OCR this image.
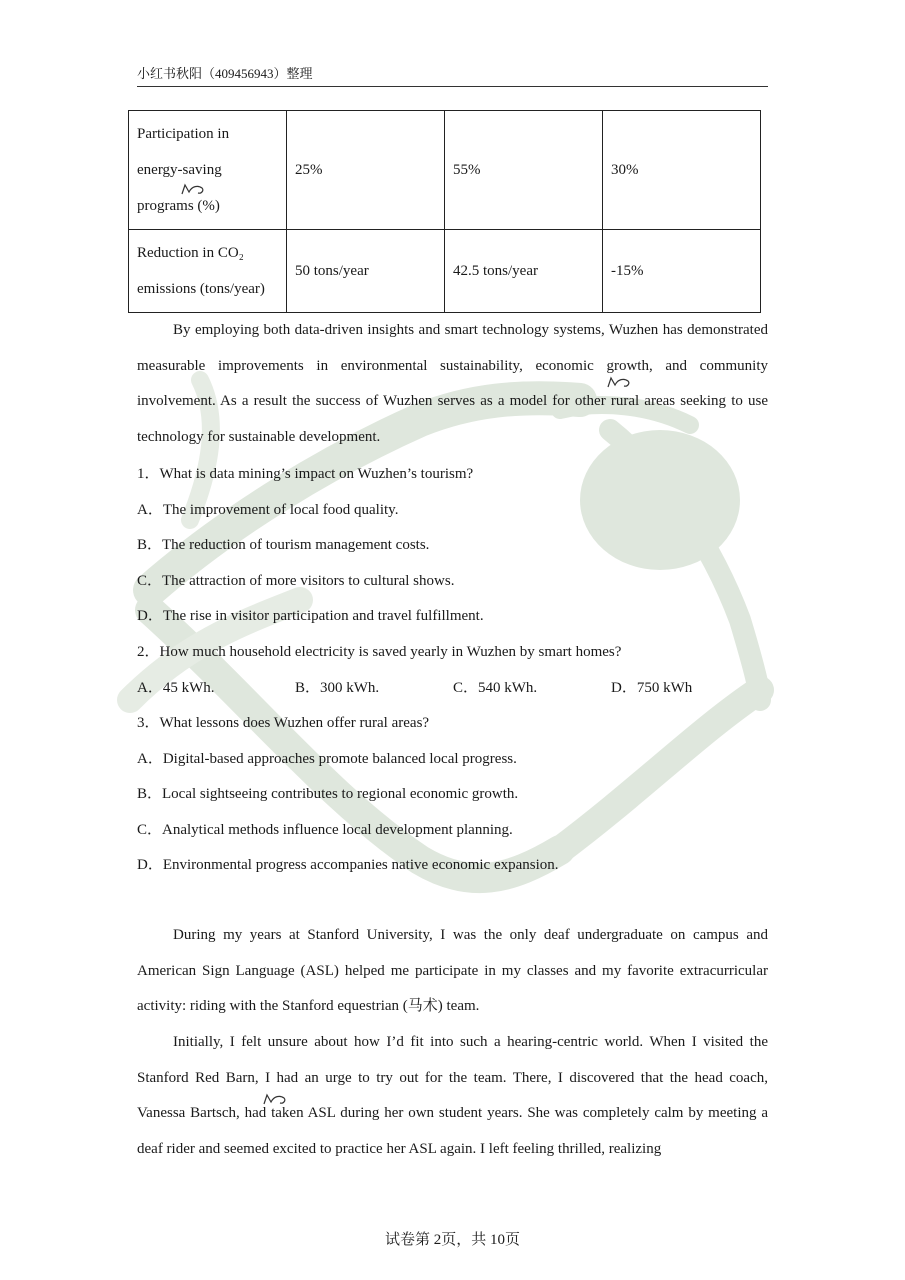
小红书秋阳（409456943）整理
Participation in energy-saving programs (%)	25%	55%	30%
Reduction in CO₂ emissions (tons/year)	50 tons/year	42.5 tons/year	-15%
By employing both data-driven insights and smart technology systems, Wuzhen has demonstrated measurable improvements in environmental sustainability, economic growth, and community involvement. As a result the success of Wuzhen serves as a model for other rural areas seeking to use technology for sustainable development.
1．What is data mining’s impact on Wuzhen’s tourism?
A．The improvement of local food quality.
B．The reduction of tourism management costs.
C．The attraction of more visitors to cultural shows.
D．The rise in visitor participation and travel fulfillment.
2．How much household electricity is saved yearly in Wuzhen by smart homes?
A．45 kWh.	B．300 kWh.	C．540 kWh.	D．750 kWh
3．What lessons does Wuzhen offer rural areas?
A．Digital-based approaches promote balanced local progress.
B．Local sightseeing contributes to regional economic growth.
C．Analytical methods influence local development planning.
D．Environmental progress accompanies native economic expansion.
During my years at Stanford University, I was the only deaf undergraduate on campus and American Sign Language (ASL) helped me participate in my classes and my favorite extracurricular activity: riding with the Stanford equestrian (马术) team.
Initially, I felt unsure about how I’d fit into such a hearing-centric world. When I visited the Stanford Red Barn, I had an urge to try out for the team. There, I discovered that the head coach, Vanessa Bartsch, had taken ASL during her own student years. She was completely calm by meeting a deaf rider and seemed excited to practice her ASL again. I left feeling thrilled, realizing
试卷第 2页，共 10页
